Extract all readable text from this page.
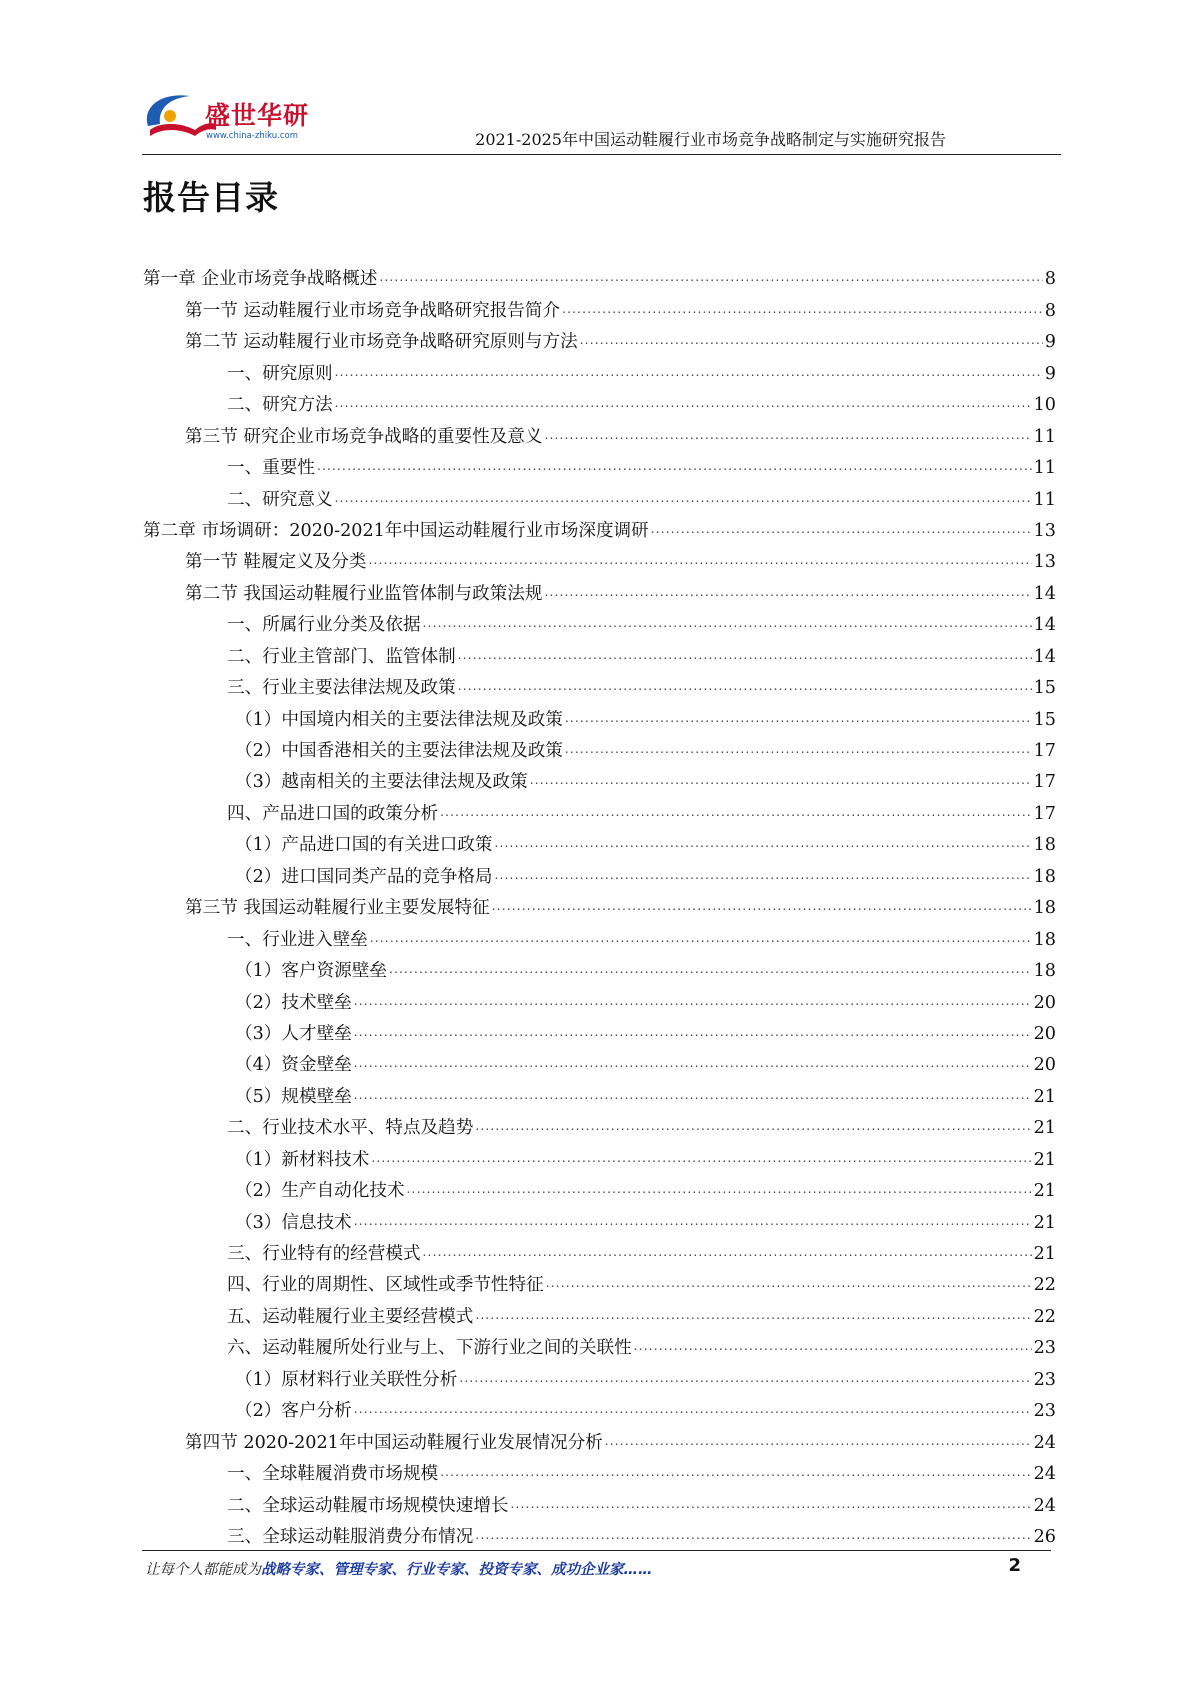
盛世华研
www.china-zhiku.com	2021-2025年中国运动鞋履行业市场竞争战略制定与实施研究报告
报告目录
第一章 企业市场竞争战略概述 .....	8
第一节 运动鞋履行业市场竞争战略研究报告简介 .....	8
第二节 运动鞋履行业市场竞争战略研究原则与方法 .....	9
一、研究原则 .....	9
二、研究方法 .....	10
第三节 研究企业市场竞争战略的重要性及意义 .....	11
一、重要性 .....	11
二、研究意义 .....	11
第二章 市场调研：2020-2021年中国运动鞋履行业市场深度调研 .....	13
第一节 鞋履定义及分类 .....	13
第二节 我国运动鞋履行业监管体制与政策法规 .....	14
一、所属行业分类及依据 .....	14
二、行业主管部门、监管体制 .....	14
三、行业主要法律法规及政策 .....	15
（1）中国境内相关的主要法律法规及政策 .....	15
（2）中国香港相关的主要法律法规及政策 .....	17
（3）越南相关的主要法律法规及政策 .....	17
四、产品进口国的政策分析 .....	17
（1）产品进口国的有关进口政策 .....	18
（2）进口国同类产品的竞争格局 .....	18
第三节 我国运动鞋履行业主要发展特征 .....	18
一、行业进入壁垒 .....	18
（1）客户资源壁垒 .....	18
（2）技术壁垒 .....	20
（3）人才壁垒 .....	20
（4）资金壁垒 .....	20
（5）规模壁垒 .....	21
二、行业技术水平、特点及趋势 .....	21
（1）新材料技术 .....	21
（2）生产自动化技术 .....	21
（3）信息技术 .....	21
三、行业特有的经营模式 .....	21
四、行业的周期性、区域性或季节性特征 .....	22
五、运动鞋履行业主要经营模式 .....	22
六、运动鞋履所处行业与上、下游行业之间的关联性 .....	23
（1）原材料行业关联性分析 .....	23
（2）客户分析 .....	23
第四节 2020-2021年中国运动鞋履行业发展情况分析 .....	24
一、全球鞋履消费市场规模 .....	24
二、全球运动鞋履市场规模快速增长 .....	24
三、全球运动鞋服消费分布情况 .....	26
让每个人都能成为战略专家、管理专家、行业专家、投资专家、成功企业家……	2
